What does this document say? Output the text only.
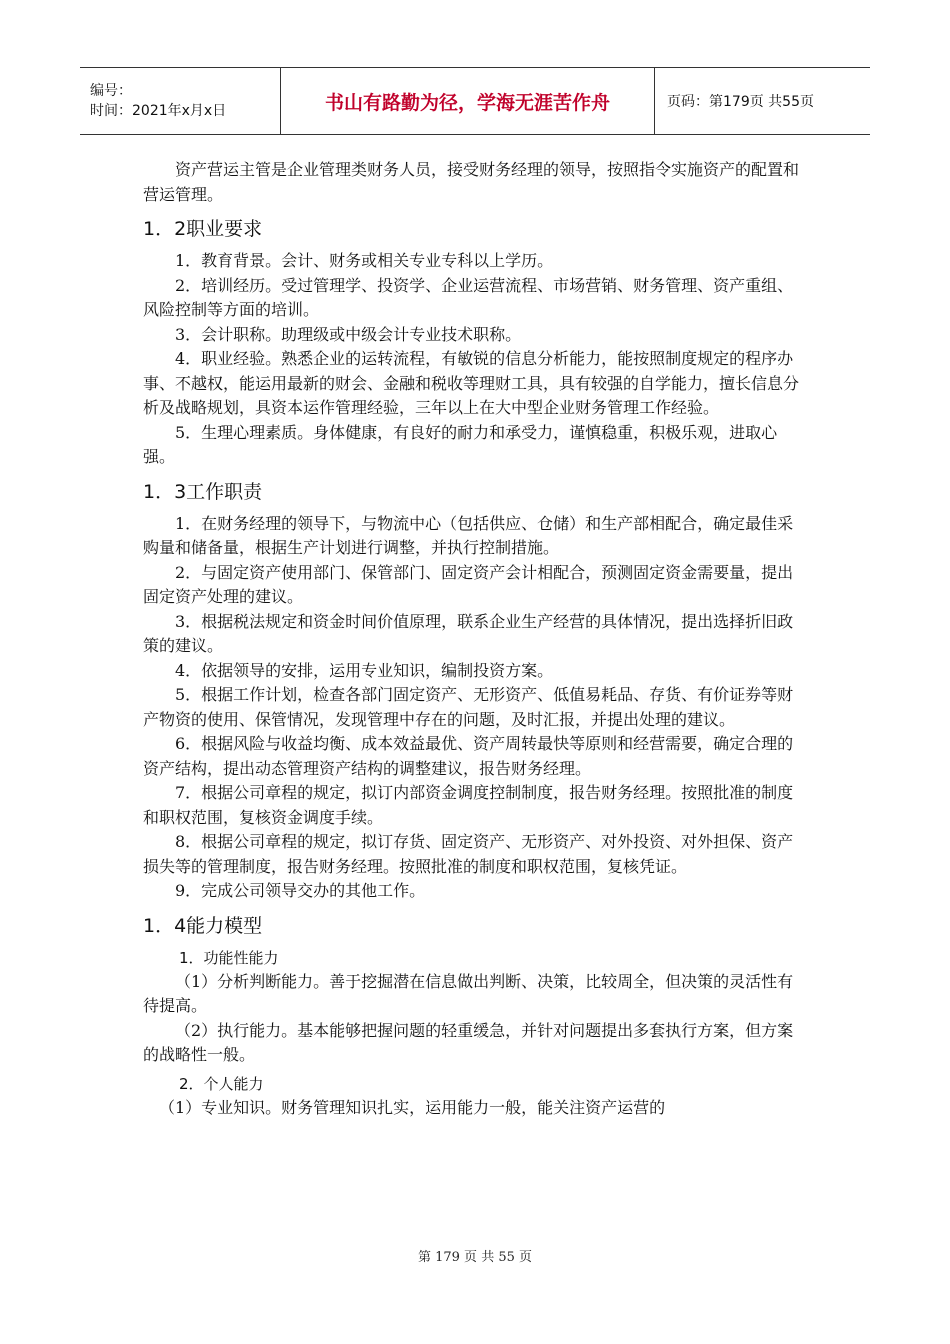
编号：
时间：2021年x月x日	书山有路勤为径，学海无涯苦作舟	页码：第179页 共55页

资产营运主管是企业管理类财务人员，接受财务经理的领导，按照指令实施资产的配置和营运管理。

1．2职业要求

1．教育背景。会计、财务或相关专业专科以上学历。

2．培训经历。受过管理学、投资学、企业运营流程、市场营销、财务管理、资产重组、风险控制等方面的培训。

3．会计职称。助理级或中级会计专业技术职称。

4．职业经验。熟悉企业的运转流程，有敏锐的信息分析能力，能按照制度规定的程序办事、不越权，能运用最新的财会、金融和税收等理财工具，具有较强的自学能力，擅长信息分析及战略规划，具资本运作管理经验，三年以上在大中型企业财务管理工作经验。

5．生理心理素质。身体健康，有良好的耐力和承受力，谨慎稳重，积极乐观，进取心强。

1．3工作职责

1．在财务经理的领导下，与物流中心（包括供应、仓储）和生产部相配合，确定最佳采购量和储备量，根据生产计划进行调整，并执行控制措施。

2．与固定资产使用部门、保管部门、固定资产会计相配合，预测固定资金需要量，提出固定资产处理的建议。

3．根据税法规定和资金时间价值原理，联系企业生产经营的具体情况，提出选择折旧政策的建议。

4．依据领导的安排，运用专业知识，编制投资方案。

5．根据工作计划，检查各部门固定资产、无形资产、低值易耗品、存货、有价证券等财产物资的使用、保管情况，发现管理中存在的问题，及时汇报，并提出处理的建议。

6．根据风险与收益均衡、成本效益最优、资产周转最快等原则和经营需要，确定合理的资产结构，提出动态管理资产结构的调整建议，报告财务经理。

7．根据公司章程的规定，拟订内部资金调度控制制度，报告财务经理。按照批准的制度和职权范围，复核资金调度手续。

8．根据公司章程的规定，拟订存货、固定资产、无形资产、对外投资、对外担保、资产损失等的管理制度，报告财务经理。按照批准的制度和职权范围，复核凭证。

9．完成公司领导交办的其他工作。

1．4能力模型
1．功能性能力

（1）分析判断能力。善于挖掘潜在信息做出判断、决策，比较周全，但决策的灵活性有待提高。

（2）执行能力。基本能够把握问题的轻重缓急，并针对问题提出多套执行方案，但方案的战略性一般。

2．个人能力

（1）专业知识。财务管理知识扎实，运用能力一般，能关注资产运营的

第 179 页 共 55 页
